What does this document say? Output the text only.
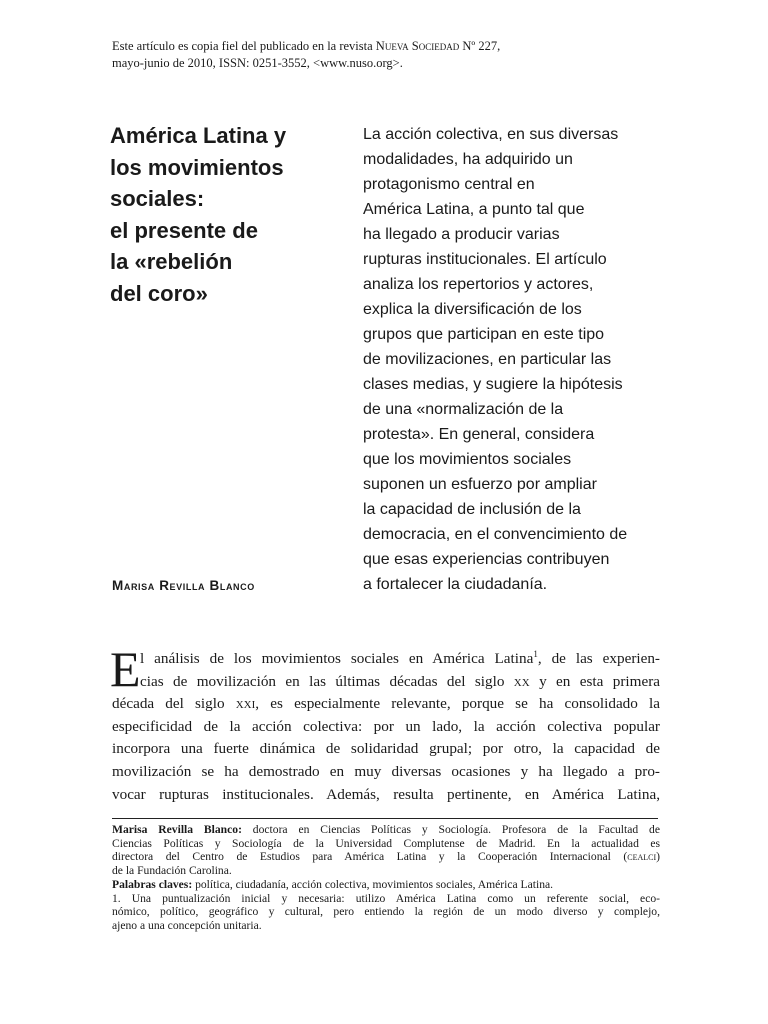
Este artículo es copia fiel del publicado en la revista Nueva Sociedad Nº 227,
mayo-junio de 2010, ISSN: 0251-3552, <www.nuso.org>.
América Latina y
los movimientos
sociales:
el presente de
la «rebelión
del coro»
Marisa Revilla Blanco
La acción colectiva, en sus diversas
modalidades, ha adquirido un
protagonismo central en
América Latina, a punto tal que
ha llegado a producir varias
rupturas institucionales. El artículo
analiza los repertorios y actores,
explica la diversificación de los
grupos que participan en este tipo
de movilizaciones, en particular las
clases medias, y sugiere la hipótesis
de una «normalización de la
protesta». En general, considera
que los movimientos sociales
suponen un esfuerzo por ampliar
la capacidad de inclusión de la
democracia, en el convencimiento de
que esas experiencias contribuyen
a fortalecer la ciudadanía.
E l análisis de los movimientos sociales en América Latina$^1$, de las experien-
cias de movilización en las últimas décadas del siglo xx y en esta primera
década del siglo xxi, es especialmente relevante, porque se ha consolidado la
especificidad de la acción colectiva: por un lado, la acción colectiva popular
incorpora una fuerte dinámica de solidaridad grupal; por otro, la capacidad de
movilización se ha demostrado en muy diversas ocasiones y ha llegado a pro-
vocar rupturas institucionales. Además, resulta pertinente, en América Latina,
Marisa Revilla Blanco: doctora en Ciencias Políticas y Sociología. Profesora de la Facultad de
Ciencias Políticas y Sociología de la Universidad Complutense de Madrid. En la actualidad es
directora del Centro de Estudios para América Latina y la Cooperación Internacional (cealci)
de la Fundación Carolina.
Palabras claves: política, ciudadanía, acción colectiva, movimientos sociales, América Latina.
1. Una puntualización inicial y necesaria: utilizo América Latina como un referente social, eco-
nómico, político, geográfico y cultural, pero entiendo la región de un modo diverso y complejo,
ajeno a una concepción unitaria.
